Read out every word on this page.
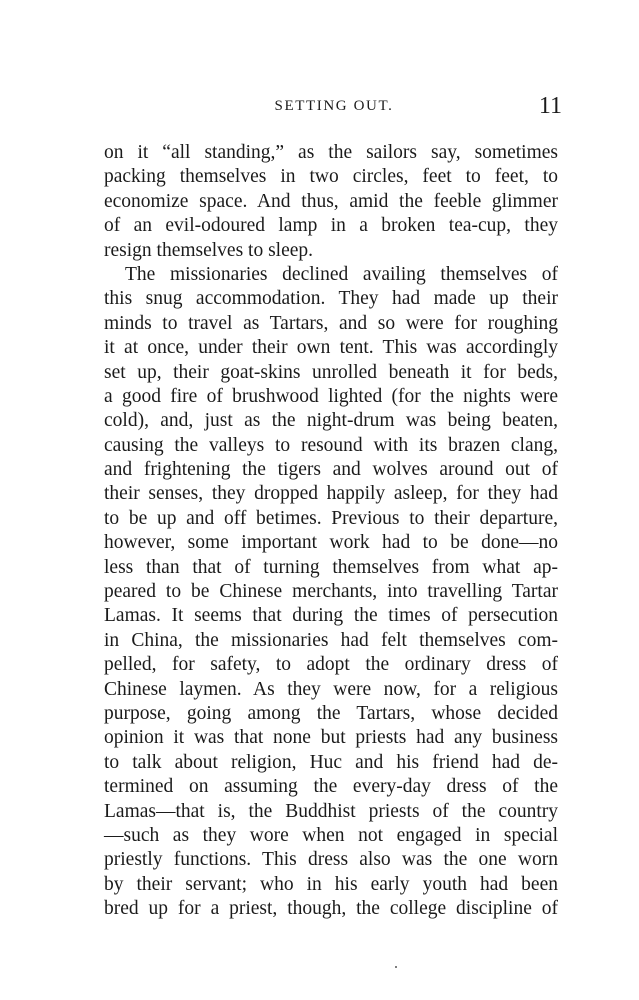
SETTING OUT.	11
on it “all standing,” as the sailors say, sometimes
packing themselves in two circles, feet to feet, to
economize space. And thus, amid the feeble glimmer
of an evil-odoured lamp in a broken tea-cup, they
resign themselves to sleep.
The missionaries declined availing themselves of
this snug accommodation. They had made up their
minds to travel as Tartars, and so were for roughing
it at once, under their own tent. This was accordingly
set up, their goat-skins unrolled beneath it for beds,
a good fire of brushwood lighted (for the nights were
cold), and, just as the night-drum was being beaten,
causing the valleys to resound with its brazen clang,
and frightening the tigers and wolves around out of
their senses, they dropped happily asleep, for they had
to be up and off betimes. Previous to their departure,
however, some important work had to be done—no
less than that of turning themselves from what ap-
peared to be Chinese merchants, into travelling Tartar
Lamas. It seems that during the times of persecution
in China, the missionaries had felt themselves com-
pelled, for safety, to adopt the ordinary dress of
Chinese laymen. As they were now, for a religious
purpose, going among the Tartars, whose decided
opinion it was that none but priests had any business
to talk about religion, Huc and his friend had de-
termined on assuming the every-day dress of the
Lamas—that is, the Buddhist priests of the country
—such as they wore when not engaged in special
priestly functions. This dress also was the one worn
by their servant; who in his early youth had been
bred up for a priest, though, the college discipline of
